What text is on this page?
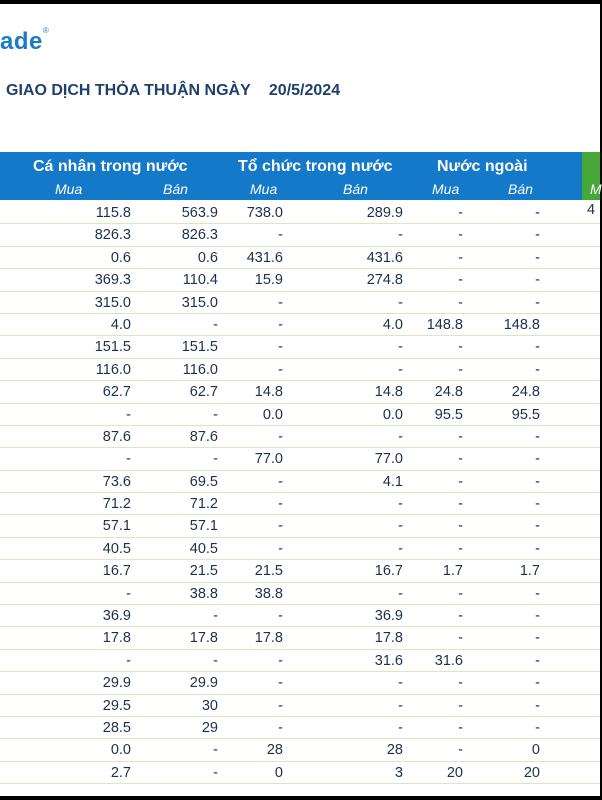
ade®
GIAO DỊCH THỎA THUẬN NGÀY 20/5/2024
Cá nhân trong nước
Mua	Bán
Tổ chức trong nước
Mua	Bán
Nước ngoài
Mua	Bán	M
4
115.8	563.9	738.0	289.9	-	-
826.3	826.3	-	-	-	-
0.6	0.6	431.6	431.6	-	-
369.3	110.4	15.9	274.8	-	-
315.0	315.0	-	-	-	-
4.0	-	-	4.0	148.8	148.8
151.5	151.5	-	-	-	-
116.0	116.0	-	-	-	-
62.7	62.7	14.8	14.8	24.8	24.8
-	-	0.0	0.0	95.5	95.5
87.6	87.6	-	-	-	-
-	-	77.0	77.0	-	-
73.6	69.5	-	4.1	-	-
71.2	71.2	-	-	-	-
57.1	57.1	-	-	-	-
40.5	40.5	-	-	-	-
16.7	21.5	21.5	16.7	1.7	1.7
-	38.8	38.8	-	-	-
36.9	-	-	36.9	-	-
17.8	17.8	17.8	17.8	-	-
-	-	-	31.6	31.6	-
29.9	29.9	-	-	-	-
29.5	30	-	-	-	-
28.5	29	-	-	-	-
0.0	-	28	28	-	0
2.7	-	0	3	20	20
